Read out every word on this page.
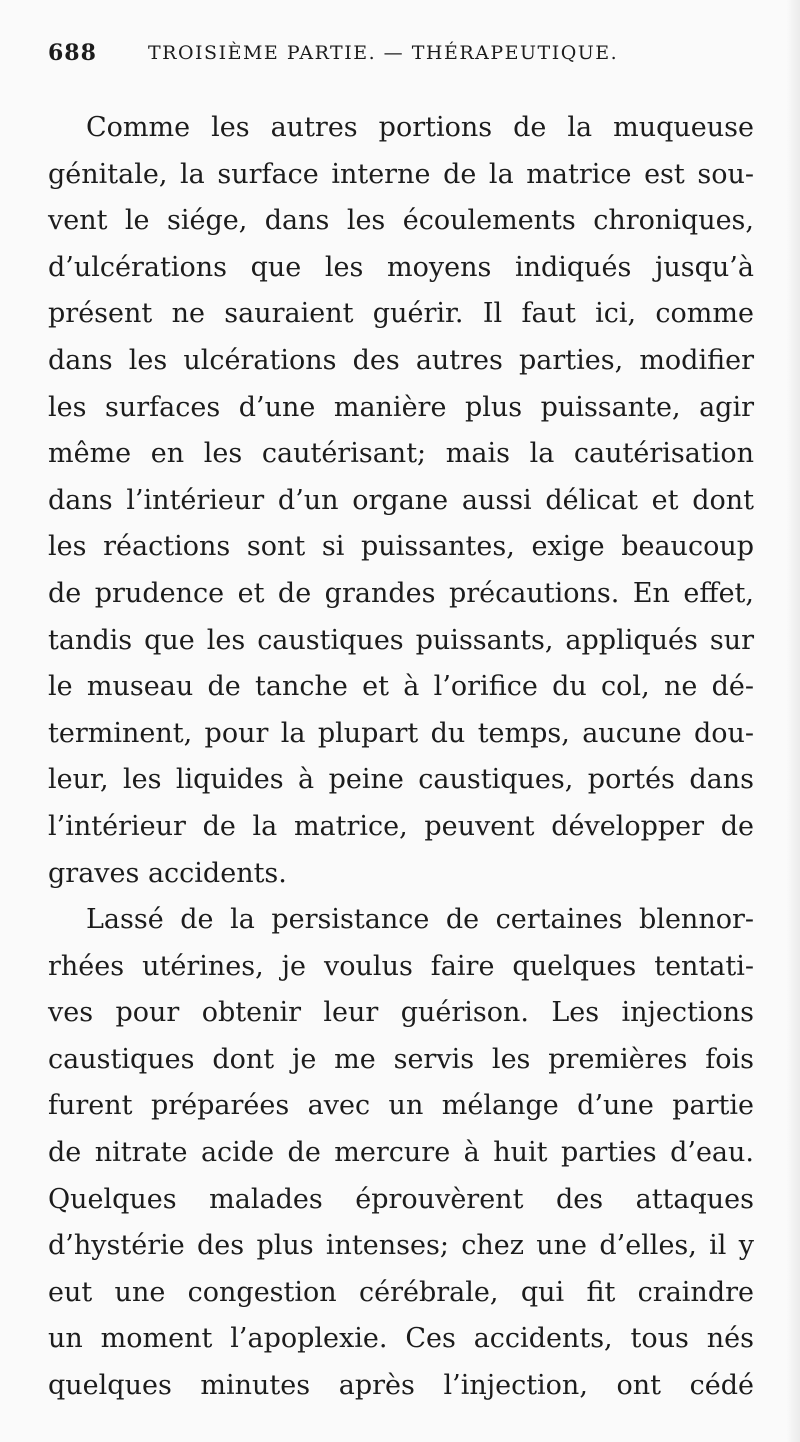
688	TROISIÈME PARTIE. — THÉRAPEUTIQUE.
Comme les autres portions de la muqueuse
génitale, la surface interne de la matrice est sou-
vent le siége, dans les écoulements chroniques,
d’ulcérations que les moyens indiqués jusqu’à
présent ne sauraient guérir. Il faut ici, comme
dans les ulcérations des autres parties, modifier
les surfaces d’une manière plus puissante, agir
même en les cautérisant; mais la cautérisation
dans l’intérieur d’un organe aussi délicat et dont
les réactions sont si puissantes, exige beaucoup
de prudence et de grandes précautions. En effet,
tandis que les caustiques puissants, appliqués sur
le museau de tanche et à l’orifice du col, ne dé-
terminent, pour la plupart du temps, aucune dou-
leur, les liquides à peine caustiques, portés dans
l’intérieur de la matrice, peuvent développer de
graves accidents.
Lassé de la persistance de certaines blennor-
rhées utérines, je voulus faire quelques tentati-
ves pour obtenir leur guérison. Les injections
caustiques dont je me servis les premières fois
furent préparées avec un mélange d’une partie
de nitrate acide de mercure à huit parties d’eau.
Quelques malades éprouvèrent des attaques
d’hystérie des plus intenses; chez une d’elles, il y
eut une congestion cérébrale, qui fit craindre
un moment l’apoplexie. Ces accidents, tous nés
quelques minutes après l’injection, ont cédé
